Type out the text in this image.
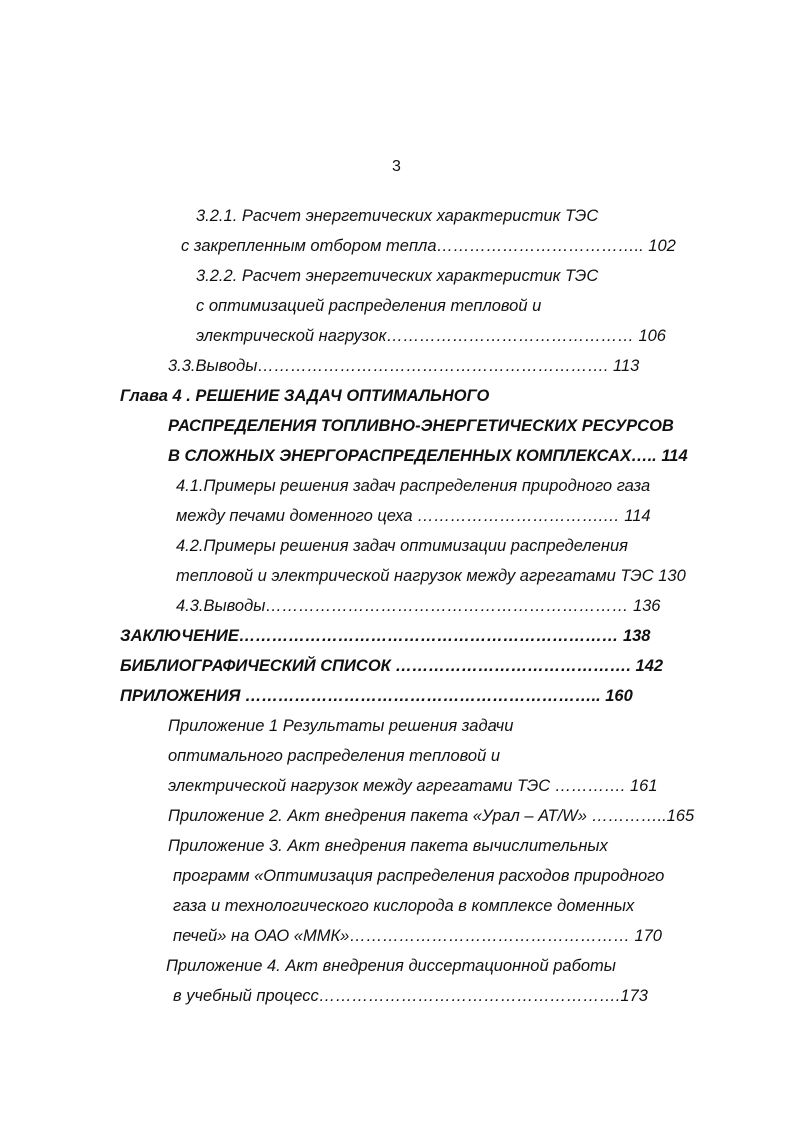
3
3.2.1. Расчет энергетических характеристик ТЭС
с закрепленным отбором тепла……………………………….. 102
3.2.2. Расчет энергетических характеристик ТЭС
с оптимизацией распределения тепловой и
электрической нагрузок……………………………………… 106
3.3.Выводы………………………………………………………. 113
Глава 4 . РЕШЕНИЕ ЗАДАЧ ОПТИМАЛЬНОГО
РАСПРЕДЕЛЕНИЯ ТОПЛИВНО-ЭНЕРГЕТИЧЕСКИХ РЕСУРСОВ
В СЛОЖНЫХ ЭНЕРГОРАСПРЕДЕЛЕННЫХ КОМПЛЕКСАХ….. 114
4.1.Примеры решения задач распределения природного газа
между печами доменного цеха …………………………….… 114
4.2.Примеры решения задач оптимизации распределения
тепловой и электрической нагрузок между агрегатами ТЭС 130
4.3.Выводы………………………………………………………… 136
ЗАКЛЮЧЕНИЕ…………………………………………………………… 138
БИБЛИОГРАФИЧЕСКИЙ СПИСОК ……………………………………. 142
ПРИЛОЖЕНИЯ ……………………………………………………….. 160
Приложение 1 Результаты решения задачи
оптимального распределения тепловой и
электрической нагрузок между агрегатами ТЭС …………. 161
Приложение 2. Акт внедрения пакета «Урал – АТ/W» …………..165
Приложение 3. Акт внедрения пакета вычислительных
программ «Оптимизация распределения расходов природного
газа и технологического кислорода в комплексе доменных
печей» на ОАО «ММК»…………………………………………… 170
Приложение 4. Акт внедрения диссертационной работы
в учебный процесс……………………………………………….173
